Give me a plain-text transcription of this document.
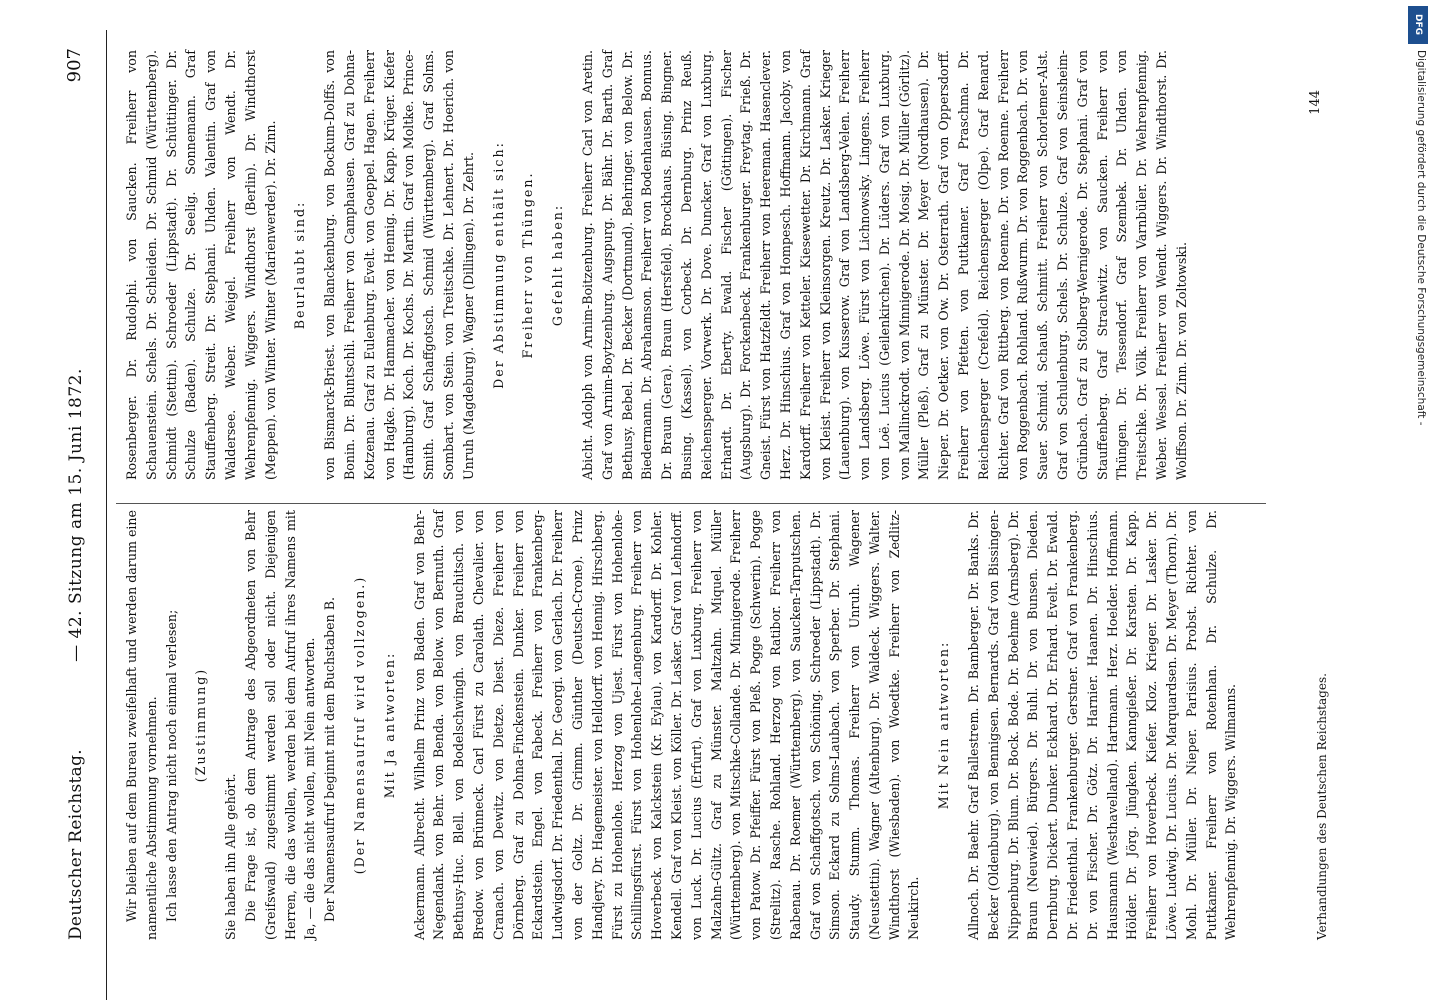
Deutscher Reichstag.
— 42. Sitzung am 15. Juni 1872.
907

Wir bleiben auf dem Bureau zweifelhaft und werden darum eine namentliche Abstimmung vornehmen. Ich lasse den Antrag nicht noch einmal verlesen; (Zustimmung)

Sie haben ihn Alle gehört. Die Frage ist, ob dem Antrage des Abgeordneten von Behr (Greifswald) zugestimmt werden soll oder nicht. Diejenigen Herren, die das wollen, werden bei dem Aufruf ihres Namens mit Ja, — die das nicht wollen, mit Nein antworten. Der Namensaufruf beginnt mit dem Buchstaben B. (Der Namensaufruf wird vollzogen.) Mit Ja antworten: Ackermann. Albrecht. Wilhelm Prinz von Baden. Graf von Behr-Negendank. von Behr. von Benda. von Below. von Bernuth. Graf Bethusy-Huc. Blell. von Bodelschwingh. von Brauchitsch. von Bredow. von Brünneck. Carl Fürst zu Carolath. Chevalier. von Cranach. von Dewitz. von Dietze. Diest. Dieze. Freiherr von Dörnberg. Graf zu Dohna-Finckenstein. Dunker. Freiherr von Eckardstein. Engel. von Fabeck. Freiherr von Frankenberg-Ludwigsdorf. Dr. Friedenthal. Dr. Georgi. von Gerlach. Dr. Freiherr von der Goltz. Dr. Grimm. Günther (Deutsch-Crone). Prinz Handjery. Dr. Hagemeister. von Helldorff. von Hennig. Hirschberg. Fürst zu Hohenlohe. Herzog von Ujest. Fürst von Hohenlohe-Schillingsfürst. Fürst von Hohenlohe-Langenburg. Freiherr von Hoverbeck. von Kalckstein (Kr. Eylau). von Kardorff. Dr. Kohler. Kendell. Graf von Kleist. von Köller. Dr. Lasker. Graf von Lehndorff. von Luck. Dr. Lucius (Erfurt). Graf von Luxburg. Freiherr von Malzahn-Gültz. Graf zu Münster. Maltzahn. Miquel. Müller (Württemberg). von Mitschke-Collande. Dr. Minnigerode. Freiherr von Patow. Dr. Pfeiffer. Fürst von Pleß. Pogge (Schwerin). Pogge (Strelitz). Rasche. Rohland. Herzog von Ratibor. Freiherr von Rabenau. Dr. Roemer (Württemberg). von Saucken-Tarputschen. Graf von Schaffgotsch. von Schöning. Schroeder (Lippstadt). Dr. Simson. Eckard zu Solms-Laubach. von Sperber. Dr. Stephani. Staudy. Stumm. Thomas. Freiherr von Unruh. Wagener (Neustettin). Wagner (Altenburg). Dr. Waldeck. Wiggers. Walter. Windthorst (Wiesbaden). von Woedtke. Freiherr von Zedlitz-Neukirch.

Mit Nein antworten: Allnoch. Dr. Baehr. Graf Ballestrem. Dr. Bamberger. Dr. Banks. Dr. Becker (Oldenburg). von Bennigsen. Bernards. Graf von Bissingen-Nippenburg. Dr. Blum. Dr. Bock. Bode. Dr. Boehme (Arnsberg). Dr. Braun (Neuwied). Bürgers. Dr. Buhl. Dr. von Bunsen. Dieden. Dernburg. Dickert. Dunker. Eckhard. Dr. Erhard. Evelt. Dr. Ewald. Dr. Friedenthal. Frankenburger. Gerstner. Graf von Frankenberg. Dr. von Fischer. Dr. Götz. Dr. Harnier. Haanen. Dr. Hinschius. Hausmann (Westhavelland). Hartmann. Herz. Hoelder. Hoffmann. Hölder. Dr. Jörg. Jüngken. Kanngießer. Dr. Karsten. Dr. Kapp. Freiherr von Hoverbeck. Kiefer. Kloz. Krieger. Dr. Lasker. Dr. Löwe. Ludwig. Dr. Lucius. Dr. Marquardsen. Dr. Meyer (Thorn). Dr. Mohl. Dr. Müller. Dr. Nieper. Parisius. Probst. Richter. von Puttkamer. Freiherr von Rotenhan. Dr. Schulze. Dr. Wehrenpfennig. Dr. Wiggers. Wilmanns.

Rosenberger. Dr. Rudolphi. von Saucken. Freiherr von Schauenstein. Schels. Dr. Schleiden. Dr. Schmid (Württemberg). Schmidt (Stettin). Schroeder (Lippstadt). Dr. Schüttinger. Dr. Schulze (Baden). Schulze. Dr. Seelig. Sonnemann. Graf Stauffenberg. Streit. Dr. Stephani. Uhden. Valentin. Graf von Waldersee. Weber. Weigel. Freiherr von Wendt. Dr. Wehrenpfennig. Wiggers. Windthorst (Berlin). Dr. Windthorst (Meppen). von Winter. Winter (Marienwerder). Dr. Zinn. Beurlaubt sind: von Bismarck-Briest. von Blanckenburg. von Bockum-Dolffs. von Bonin. Dr. Bluntschli. Freiherr von Camphausen. Graf zu Dohna-Kotzenau. Graf zu Eulenburg. Evelt. von Goeppel. Hagen. Freiherr von Hagke. Dr. Hammacher. von Hennig. Dr. Kapp. Krüger. Kiefer (Hamburg). Koch. Dr. Kochs. Dr. Martin. Graf von Moltke. Prince-Smith. Graf Schaffgotsch. Schmid (Württemberg). Graf Solms. Sombart. von Stein. von Treitschke. Dr. Lehnert. Dr. Hoerich. von Unruh (Magdeburg). Wagner (Dillingen). Dr. Zehrt. Der Abstimmung enthält sich: Freiherr von Thüngen. Gefehlt haben: Abicht. Adolph von Arnim-Boitzenburg. Freiherr Carl von Aretin. Graf von Arnim-Boytzenburg. Augspurg. Dr. Bähr. Dr. Barth. Graf Bethusy. Bebel. Dr. Becker (Dortmund). Behringer. von Below. Dr. Biedermann. Dr. Abrahamson. Freiherr von Bodenhausen. Bonnus. Dr. Braun (Gera). Braun (Hersfeld). Brockhaus. Büsing. Bingner. Busing. (Kassel). von Corbeck. Dr. Dernburg. Prinz Reuß. Reichensperger. Vorwerk. Dr. Dove. Duncker. Graf von Luxburg. Erhardt. Dr. Eberty. Ewald. Fischer (Göttingen). Fischer (Augsburg). Dr. Forckenbeck. Frankenburger. Freytag. Frieß. Dr. Gneist. Fürst von Hatzfeldt. Freiherr von Heereman. Hasenclever. Herz. Dr. Hinschius. Graf von Hompesch. Hoffmann. Jacoby. von Kardorff. Freiherr von Ketteler. Kiesewetter. Dr. Kirchmann. Graf von Kleist. Freiherr von Kleinsorgen. Kreutz. Dr. Lasker. Krieger (Lauenburg). von Kusserow. Graf von Landsberg-Velen. Freiherr von Landsberg. Löwe. Fürst von Lichnowsky. Lingens. Freiherr von Loë. Lucius (Geilenkirchen). Dr. Lüders. Graf von Luxburg. von Mallinckrodt. von Minnigerode. Dr. Mosig. Dr. Müller (Görlitz). Müller (Pleß). Graf zu Münster. Dr. Meyer (Nordhausen). Dr. Nieper. Dr. Oetker. von Ow. Dr. Osterrath. Graf von Oppersdorff. Freiherr von Pfetten. von Puttkamer. Graf Praschma. Dr. Reichensperger (Crefeld). Reichensperger (Olpe). Graf Renard. Richter. Graf von Rittberg. von Roenne. Dr. von Roenne. Freiherr von Roggenbach. Rohland. Rußwurm. Dr. von Roggenbach. Dr. von Sauer. Schmid. Schauß. Schmitt. Freiherr von Schorlemer-Alst. Graf von Schulenburg. Schels. Dr. Schulze. Graf von Seinsheim-Grünbach. Graf zu Stolberg-Wernigerode. Dr. Stephani. Graf von Stauffenberg. Graf Strachwitz. von Saucken. Freiherr von Thüngen. Dr. Tessendorf. Graf Szembek. Dr. Uhden. von Treitschke. Dr. Völk. Freiherr von Varnbüler. Dr. Wehrenpfennig. Weber. Wessel. Freiherr von Wendt. Wiggers. Dr. Windthorst. Dr. Wolffson. Dr. Zinn. Dr. von Zoltowski.

Verhandlungen des Deutschen Reichstages.
144
DFG
Digitalisierung gefördert durch die Deutsche Forschungsgemeinschaft -
